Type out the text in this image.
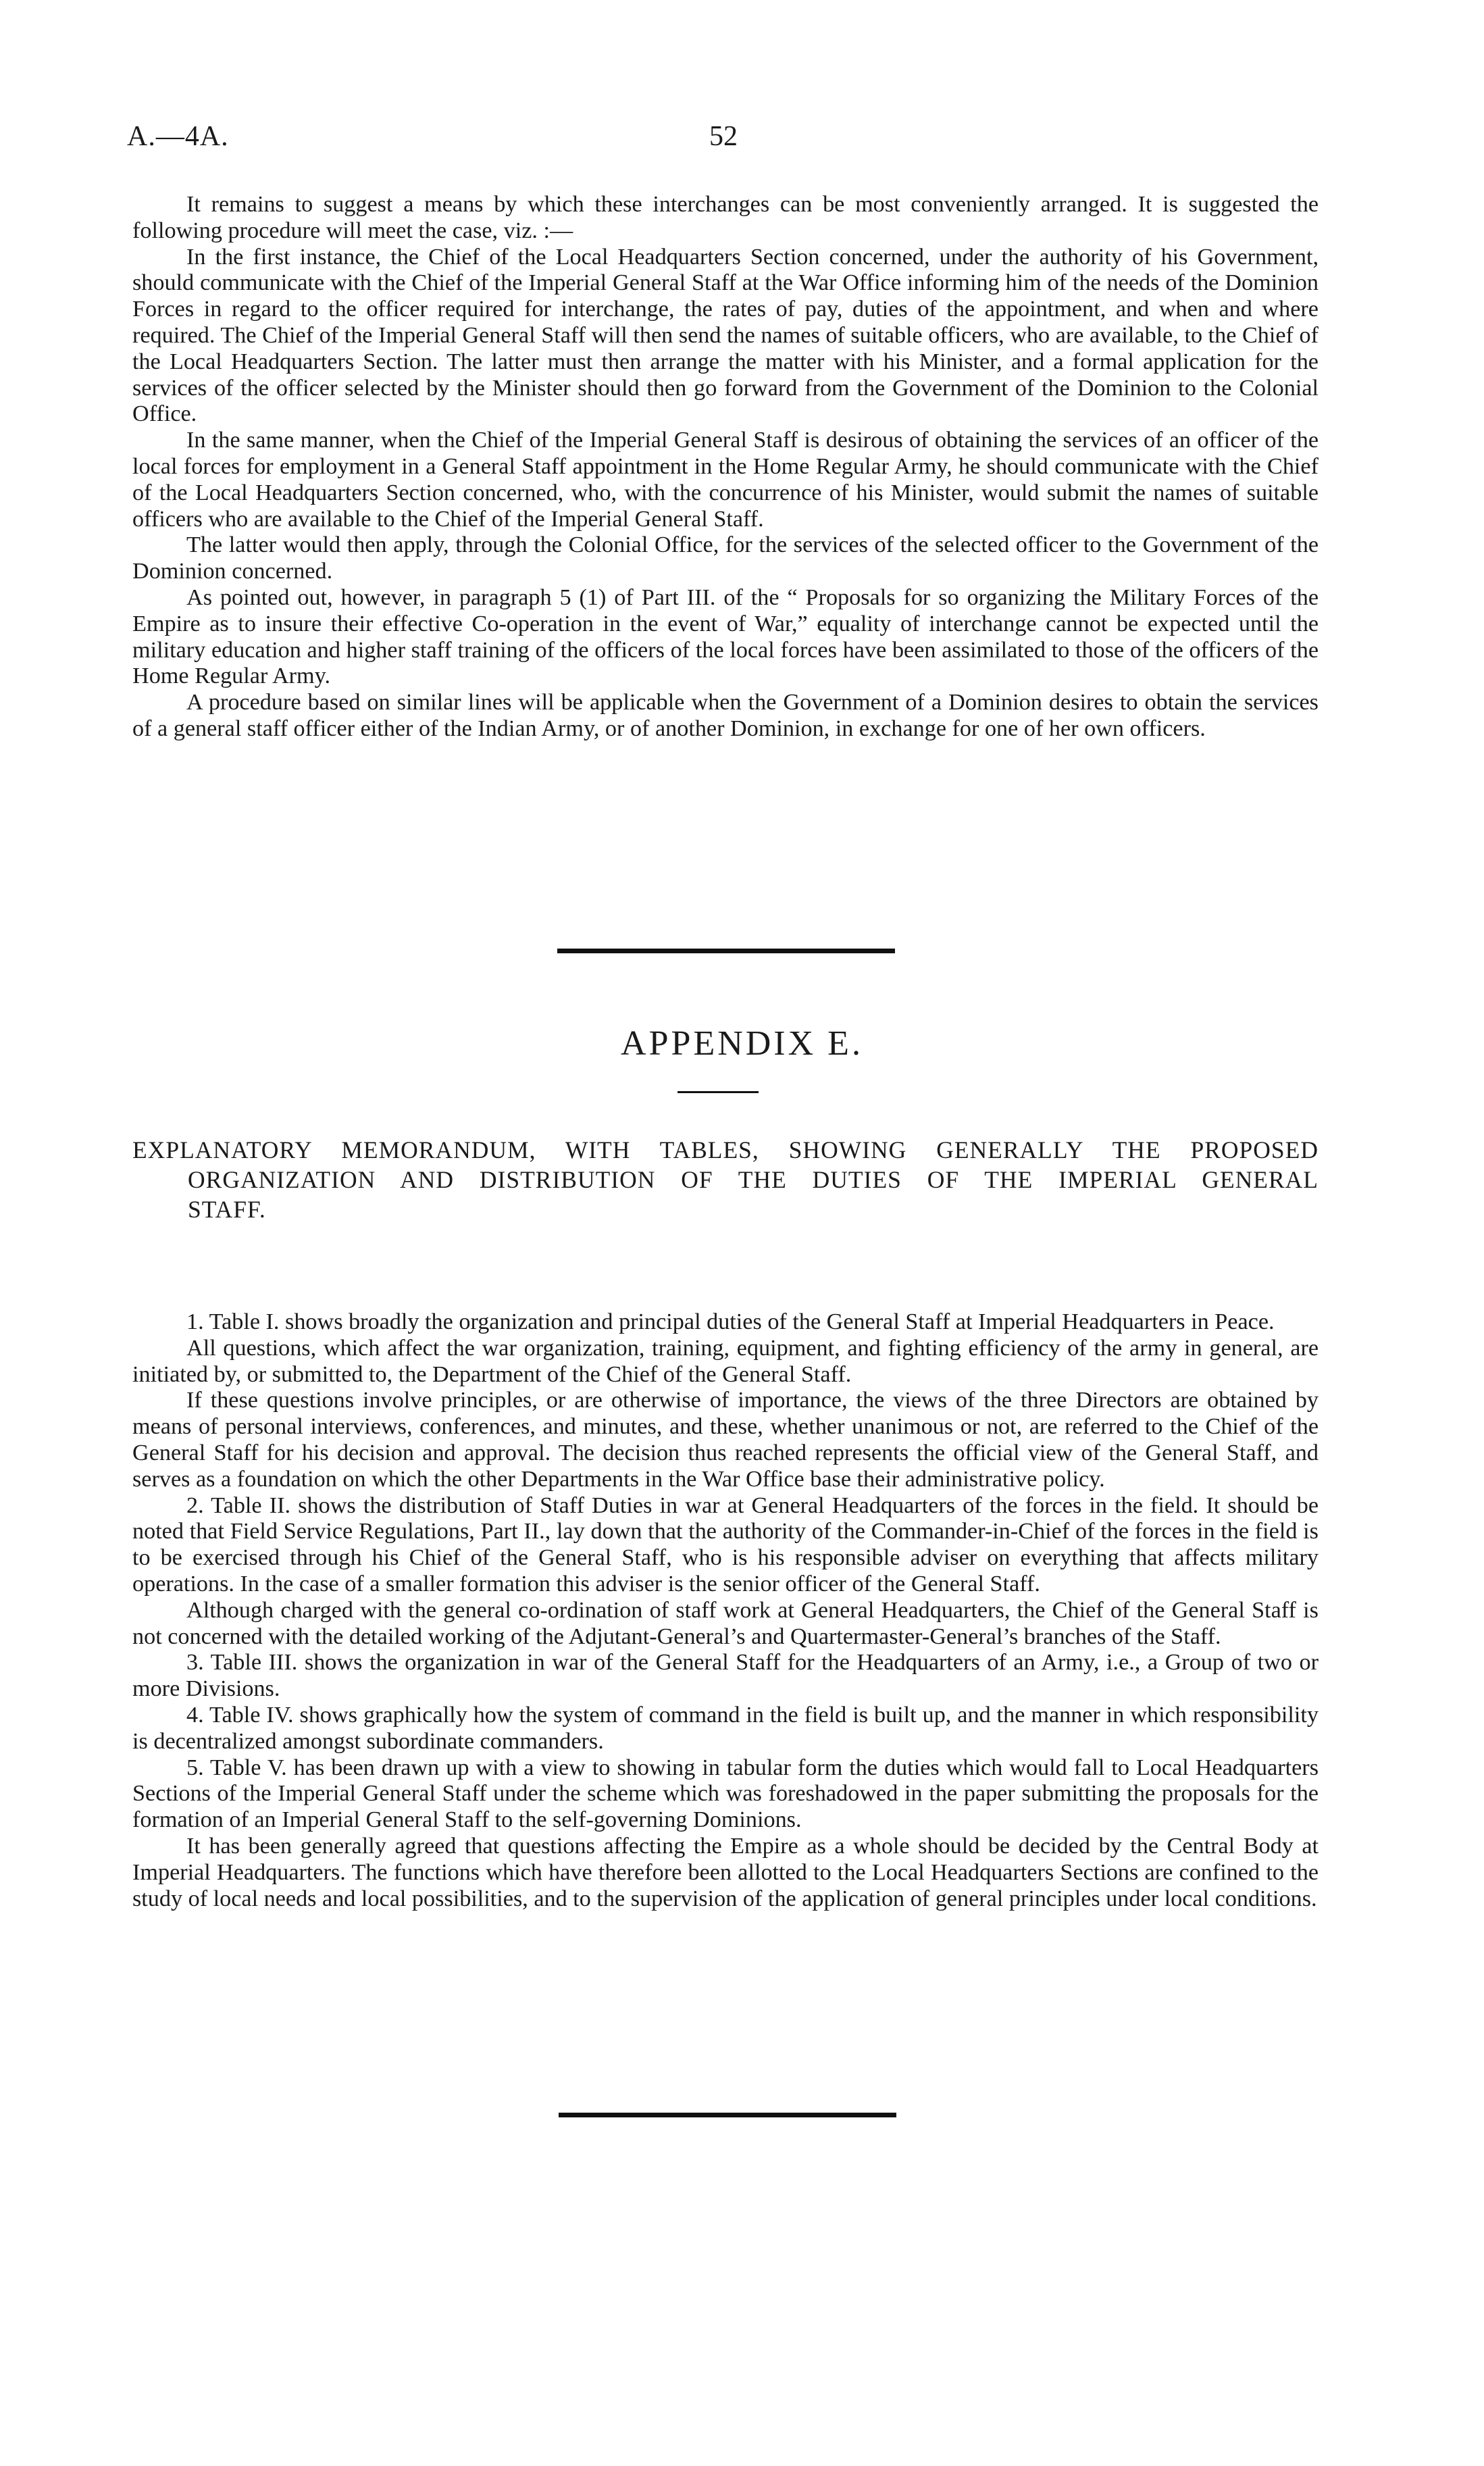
A.—4A.	52

It remains to suggest a means by which these interchanges can be most conveniently arranged. It is suggested the following procedure will meet the case, viz. :—

In the first instance, the Chief of the Local Headquarters Section concerned, under the authority of his Government, should communicate with the Chief of the Imperial General Staff at the War Office informing him of the needs of the Dominion Forces in regard to the officer required for interchange, the rates of pay, duties of the appointment, and when and where required. The Chief of the Imperial General Staff will then send the names of suitable officers, who are available, to the Chief of the Local Headquarters Section. The latter must then arrange the matter with his Minister, and a formal application for the services of the officer selected by the Minister should then go forward from the Government of the Dominion to the Colonial Office.

In the same manner, when the Chief of the Imperial General Staff is desirous of obtaining the services of an officer of the local forces for employment in a General Staff appointment in the Home Regular Army, he should communicate with the Chief of the Local Headquarters Section concerned, who, with the concurrence of his Minister, would submit the names of suitable officers who are available to the Chief of the Imperial General Staff.

The latter would then apply, through the Colonial Office, for the services of the selected officer to the Government of the Dominion concerned.

As pointed out, however, in paragraph 5 (1) of Part III. of the “ Proposals for so organizing the Military Forces of the Empire as to insure their effective Co-operation in the event of War,” equality of interchange cannot be expected until the military education and higher staff training of the officers of the local forces have been assimilated to those of the officers of the Home Regular Army.

A procedure based on similar lines will be applicable when the Government of a Dominion desires to obtain the services of a general staff officer either of the Indian Army, or of another Dominion, in exchange for one of her own officers.

APPENDIX E.
EXPLANATORY MEMORANDUM, WITH TABLES, SHOWING GENERALLY THE PROPOSED
ORGANIZATION AND DISTRIBUTION OF THE DUTIES OF THE IMPERIAL GENERAL
STAFF.

1. Table I. shows broadly the organization and principal duties of the General Staff at Imperial Headquarters in Peace.

All questions, which affect the war organization, training, equipment, and fighting efficiency of the army in general, are initiated by, or submitted to, the Department of the Chief of the General Staff.

If these questions involve principles, or are otherwise of importance, the views of the three Directors are obtained by means of personal interviews, conferences, and minutes, and these, whether unanimous or not, are referred to the Chief of the General Staff for his decision and approval. The decision thus reached represents the official view of the General Staff, and serves as a foundation on which the other Departments in the War Office base their administrative policy.

2. Table II. shows the distribution of Staff Duties in war at General Headquarters of the forces in the field. It should be noted that Field Service Regulations, Part II., lay down that the authority of the Commander-in-Chief of the forces in the field is to be exercised through his Chief of the General Staff, who is his responsible adviser on everything that affects military operations. In the case of a smaller formation this adviser is the senior officer of the General Staff.

Although charged with the general co-ordination of staff work at General Headquarters, the Chief of the General Staff is not concerned with the detailed working of the Adjutant-General’s and Quartermaster-General’s branches of the Staff.

3. Table III. shows the organization in war of the General Staff for the Headquarters of an Army, i.e., a Group of two or more Divisions.

4. Table IV. shows graphically how the system of command in the field is built up, and the manner in which responsibility is decentralized amongst subordinate commanders.

5. Table V. has been drawn up with a view to showing in tabular form the duties which would fall to Local Headquarters Sections of the Imperial General Staff under the scheme which was foreshadowed in the paper submitting the proposals for the formation of an Imperial General Staff to the self-governing Dominions.

It has been generally agreed that questions affecting the Empire as a whole should be decided by the Central Body at Imperial Headquarters. The functions which have therefore been allotted to the Local Headquarters Sections are confined to the study of local needs and local possibilities, and to the supervision of the application of general principles under local conditions.
